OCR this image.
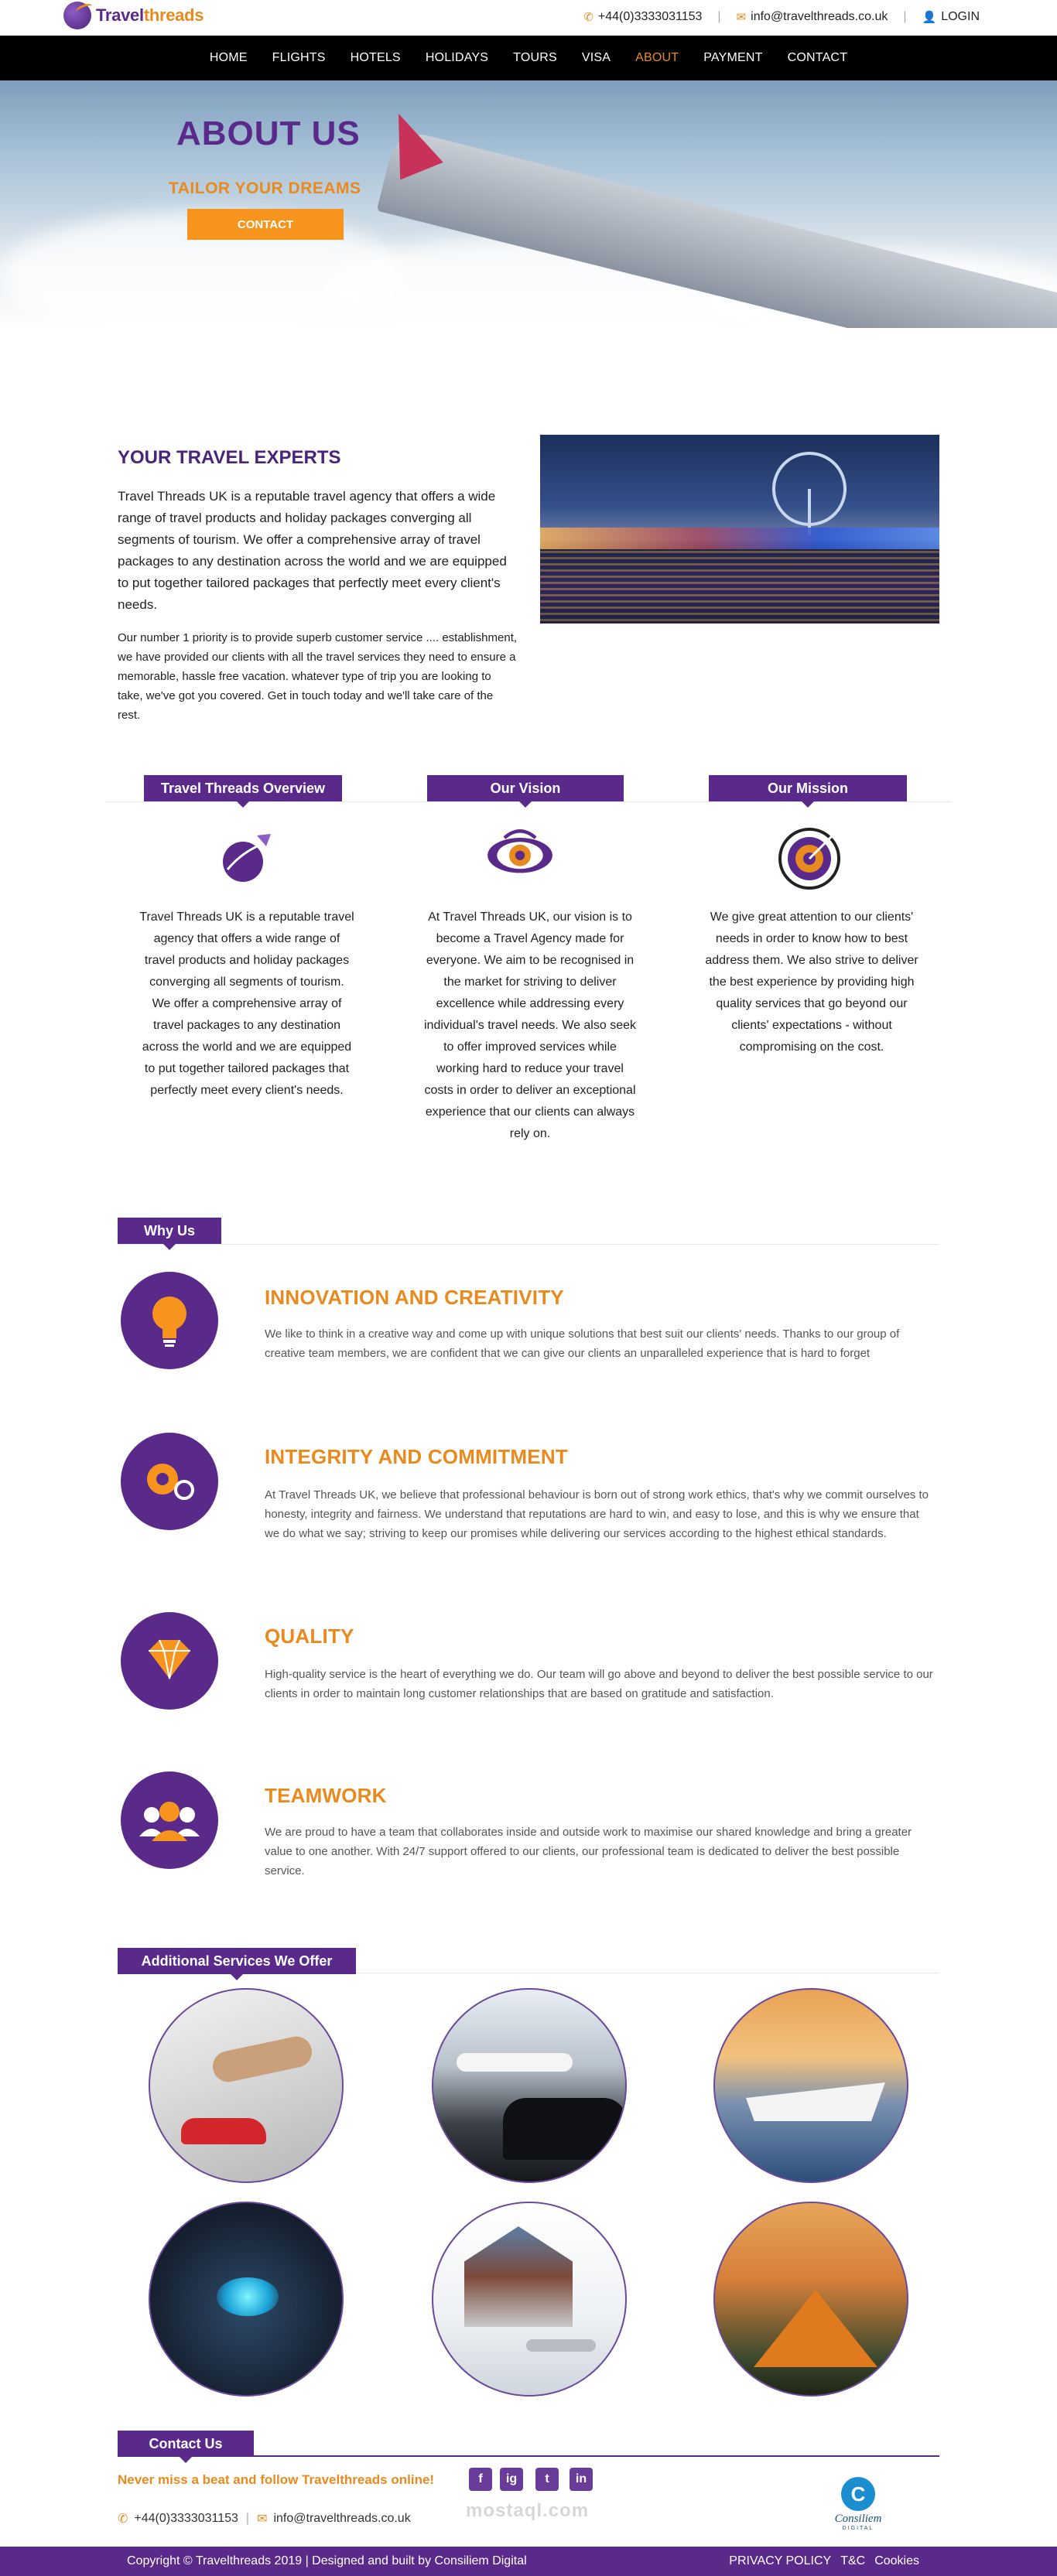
Travelthreads	✆ +44(0)3333031153 | ✉ info@travelthreads.co.uk | 👤 LOGIN
HOME FLIGHTS HOTELS HOLIDAYS TOURS VISA ABOUT PAYMENT CONTACT
ABOUT US
TAILOR YOUR DREAMS
CONTACT
YOUR TRAVEL EXPERTS

Travel Threads UK is a reputable travel agency that offers a wide range of travel products and holiday packages converging all segments of tourism. We offer a comprehensive array of travel packages to any destination across the world and we are equipped to put together tailored packages that perfectly meet every client's needs.

Our number 1 priority is to provide superb customer service .... establishment, we have provided our clients with all the travel services they need to ensure a memorable, hassle free vacation. whatever type of trip you are looking to take, we've got you covered. Get in touch today and we'll take care of the rest.

Travel Threads Overview	Our Vision	Our Mission
Travel Threads UK is a reputable travel agency that offers a wide range of travel products and holiday packages converging all segments of tourism. We offer a comprehensive array of travel packages to any destination across the world and we are equipped to put together tailored packages that perfectly meet every client's needs.
At Travel Threads UK, our vision is to become a Travel Agency made for everyone. We aim to be recognised in the market for striving to deliver excellence while addressing every individual's travel needs. We also seek to offer improved services while working hard to reduce your travel costs in order to deliver an exceptional experience that our clients can always rely on.
We give great attention to our clients' needs in order to know how to best address them. We also strive to deliver the best experience by providing high quality services that go beyond our clients' expectations - without compromising on the cost.
Why Us
INNOVATION AND CREATIVITY

We like to think in a creative way and come up with unique solutions that best suit our clients' needs. Thanks to our group of creative team members, we are confident that we can give our clients an unparalleled experience that is hard to forget

INTEGRITY AND COMMITMENT

At Travel Threads UK, we believe that professional behaviour is born out of strong work ethics, that's why we commit ourselves to honesty, integrity and fairness. We understand that reputations are hard to win, and easy to lose, and this is why we ensure that we do what we say; striving to keep our promises while delivering our services according to the highest ethical standards.

QUALITY

High-quality service is the heart of everything we do. Our team will go above and beyond to deliver the best possible service to our clients in order to maintain long customer relationships that are based on gratitude and satisfaction.

TEAMWORK

We are proud to have a team that collaborates inside and outside work to maximise our shared knowledge and bring a greater value to one another. With 24/7 support offered to our clients, our professional team is dedicated to deliver the best possible service.

Additional Services We Offer
Contact Us
Never miss a beat and follow Travelthreads online!	f	ig	t	in
mostaql.com
✆ +44(0)3333031153 | ✉ info@travelthreads.co.uk
C
Consiliem
DIGITAL
Copyright © Travelthreads 2019 | Designed and built by Consiliem Digital	PRIVACY POLICY T&C Cookies
